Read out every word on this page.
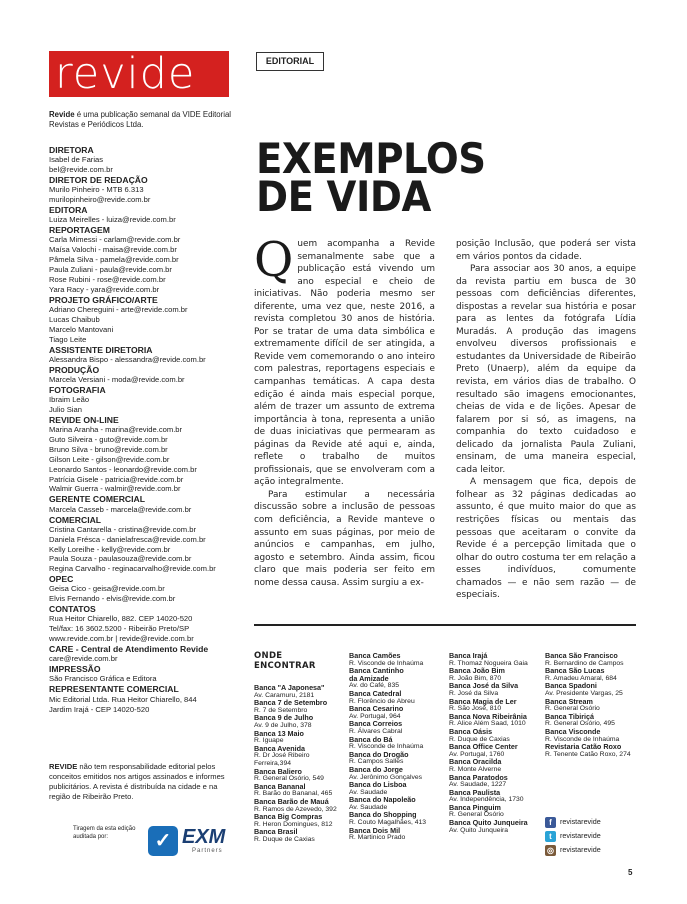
revide
Revide é uma publicação semanal da VIDE Editorial Revistas e Periódicos Ltda.
DIRETORA
Isabel de Farias
bel@revide.com.br
DIRETOR DE REDAÇÃO
Murilo Pinheiro - MTB 6.313
murilopinheiro@revide.com.br
EDITORA
Luiza Meirelles - luiza@revide.com.br
REPORTAGEM
Carla Mimessi - carlam@revide.com.br
Maísa Valochi - maisa@revide.com.br
Pâmela Silva - pamela@revide.com.br
Paula Zuliani - paula@revide.com.br
Rose Rubini - rose@revide.com.br
Yara Racy - yara@revide.com.br
PROJETO GRÁFICO/ARTE
Adriano Chereguini - arte@revide.com.br
Lucas Chaibub
Marcelo Mantovani
Tiago Leite
ASSISTENTE DIRETORIA
Alessandra Bispo - alessandra@revide.com.br
PRODUÇÃO
Marcela Versiani - moda@revide.com.br
FOTOGRAFIA
Ibraim Leão
Julio Sian
REVIDE ON-LINE
Marina Aranha - marina@revide.com.br
Guto Silveira - guto@revide.com.br
Bruno Silva - bruno@revide.com.br
Gilson Leite - gilson@revide.com.br
Leonardo Santos - leonardo@revide.com.br
Patrícia Gisele - patricia@revide.com.br
Walmir Guerra - walmir@revide.com.br
GERENTE COMERCIAL
Marcela Casseb - marcela@revide.com.br
COMERCIAL
Cristina Cantarella - cristina@revide.com.br
Daniela Frésca - danielafresca@revide.com.br
Kelly Loreilhe - kelly@revide.com.br
Paula Souza - paulasouza@revide.com.br
Regina Carvalho - reginacarvalho@revide.com.br
OPEC
Geisa Cico - geisa@revide.com.br
Elvis Fernando - elvis@revide.com.br
CONTATOS
Rua Heitor Chiarello, 882. CEP 14020-520
Tel/fax: 16 3602.5200 - Ribeirão Preto/SP
www.revide.com.br | revide@revide.com.br
CARE - Central de Atendimento Revide
care@revide.com.br
IMPRESSÃO
São Francisco Gráfica e Editora
REPRESENTANTE COMERCIAL
Mic Editorial Ltda. Rua Heitor Chiarello, 844
Jardim Irajá - CEP 14020-520
REVIDE não tem responsabilidade editorial pelos conceitos emitidos nos artigos assinados e informes publicitários. A revista é distribuída na cidade e na região de Ribeirão Preto.
Tiragem da esta edição auditada por:	✓ EXM
Partners
EDITORIAL
EXEMPLOS
DE VIDA

Quem acompanha a Revide semanalmente sabe que a publicação está vivendo um ano especial e cheio de iniciativas. Não poderia mesmo ser diferente, uma vez que, neste 2016, a revista completou 30 anos de história. Por se tratar de uma data simbólica e extremamente difícil de ser atingida, a Revide vem comemorando o ano inteiro com palestras, reportagens especiais e campanhas temáticas. A capa desta edição é ainda mais especial porque, além de trazer um assunto de extrema importância à tona, representa a união de duas iniciativas que permearam as páginas da Revide até aqui e, ainda, reflete o trabalho de muitos profissionais, que se envolveram com a ação integralmente.

Para estimular a necessária discussão sobre a inclusão de pessoas com deficiência, a Revide manteve o assunto em suas páginas, por meio de anúncios e campanhas, em julho, agosto e setembro. Ainda assim, ficou claro que mais poderia ser feito em nome dessa causa. Assim surgiu a ex-

posição Inclusão, que poderá ser vista em vários pontos da cidade.

Para associar aos 30 anos, a equipe da revista partiu em busca de 30 pessoas com deficiências diferentes, dispostas a revelar sua história e posar para as lentes da fotógrafa Lídia Muradás. A produção das imagens envolveu diversos profissionais e estudantes da Universidade de Ribeirão Preto (Unaerp), além da equipe da revista, em vários dias de trabalho. O resultado são imagens emocionantes, cheias de vida e de lições. Apesar de falarem por si só, as imagens, na companhia do texto cuidadoso e delicado da jornalista Paula Zuliani, ensinam, de uma maneira especial, cada leitor.

A mensagem que fica, depois de folhear as 32 páginas dedicadas ao assunto, é que muito maior do que as restrições físicas ou mentais das pessoas que aceitaram o convite da Revide é a percepção limitada que o olhar do outro costuma ter em relação a esses indivíduos, comumente chamados — e não sem razão — de especiais.

ONDE
ENCONTRAR
Banca "A Japonesa"
Av. Caramuru, 2181
Banca 7 de Setembro
R. 7 de Setembro
Banca 9 de Julho
Av. 9 de Julho, 378
Banca 13 Maio
R. Iguape
Banca Avenida
R. Dr José Ribeiro
Ferreira,394
Banca Baliero
R. General Osório, 549
Banca Bananal
R. Barão do Bananal, 465
Banca Barão de Mauá
R. Ramos de Azevedo, 392
Banca Big Compras
R. Heron Domingues, 812
Banca Brasil
R. Duque de Caxias
Banca Camões
R. Visconde de Inhaúma
Banca Cantinho
da Amizade
Av. do Café, 835
Banca Catedral
R. Florêncio de Abreu
Banca Cesarino
Av. Portugal, 964
Banca Correios
R. Álvares Cabral
Banca do Bá
R. Visconde de Inhaúma
Banca do Drogão
R. Campos Salles
Banca do Jorge
Av. Jerônimo Gonçalves
Banca do Lisboa
Av. Saudade
Banca do Napoleão
Av. Saudade
Banca do Shopping
R. Couto Magalhães, 413
Banca Dois Mil
R. Martinico Prado
Banca Irajá
R. Thomaz Nogueira Gaia
Banca João Bim
R. João Bim, 870
Banca José da Silva
R. José da Silva
Banca Magia de Ler
R. São José, 810
Banca Nova Ribeirânia
R. Alice Além Saad, 1010
Banca Oásis
R. Duque de Caxias
Banca Office Center
Av. Portugal, 1760
Banca Oracilda
R. Monte Alverne
Banca Paratodos
Av. Saudade, 1227
Banca Paulista
Av. Independência, 1730
Banca Pinguim
R. General Osório
Banca Quito Junqueira
Av. Quito Junqueira
Banca São Francisco
R. Bernardino de Campos
Banca São Lucas
R. Amadeu Amaral, 684
Banca Spadoni
Av. Presidente Vargas, 25
Banca Stream
R. General Osório
Banca Tibiriçá
R. General Osório, 495
Banca Visconde
R. Visconde de Inhaúma
Revistaria Catão Roxo
R. Tenente Catão Roxo, 274
f	revistarevide
t	revistarevide
◎ revistarevide
5
